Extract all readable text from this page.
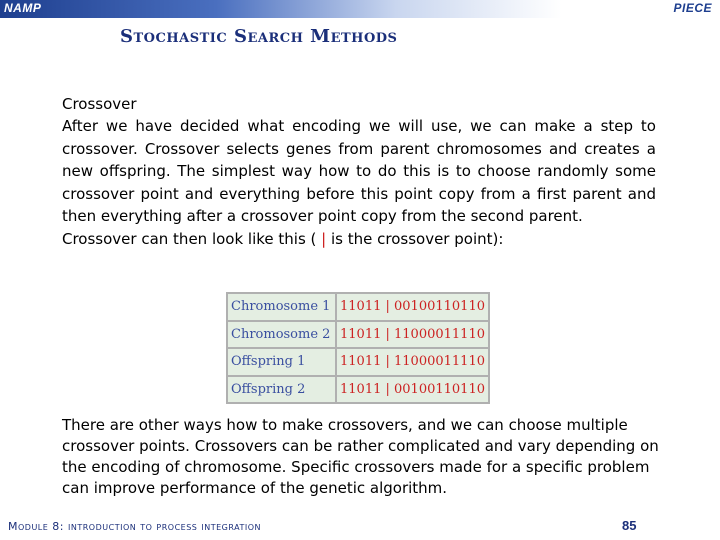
NAMP	PIECE
Stochastic Search Methods
Crossover

After we have decided what encoding we will use, we can make a step to crossover. Crossover selects genes from parent chromosomes and creates a new offspring. The simplest way how to do this is to choose randomly some crossover point and everything before this point copy from a first parent and then everything after a crossover point copy from the second parent.

Crossover can then look like this ( | is the crossover point):

Chromosome 1	11011 | 00100110110
Chromosome 2	11011 | 11000011110
Offspring 1	11011 | 11000011110
Offspring 2	11011 | 00100110110

There are other ways how to make crossovers, and we can choose multiple crossover points. Crossovers can be rather complicated and vary depending on the encoding of chromosome. Specific crossovers made for a specific problem can improve performance of the genetic algorithm.

Module 8: introduction to process integration	85
